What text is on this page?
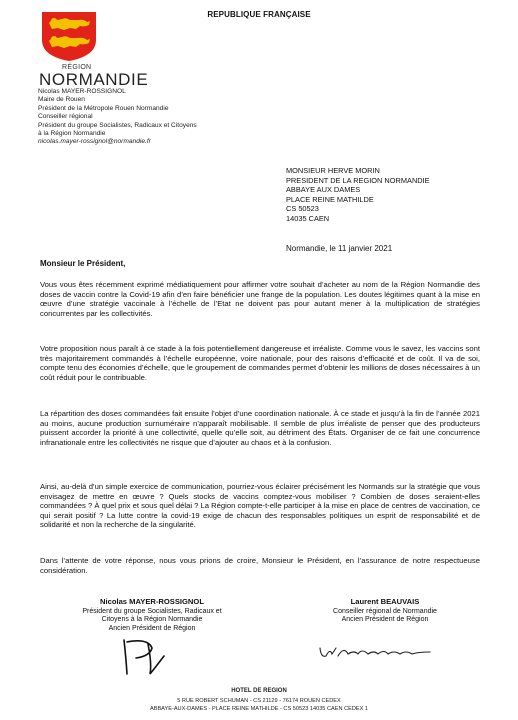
REPUBLIQUE FRANÇAISE
RÉGION
NORMANDIE
Nicolas MAYER-ROSSIGNOL
Maire de Rouen
Président de la Métropole Rouen Normandie
Conseiller régional
Président du groupe Socialistes, Radicaux et Citoyens
à la Région Normandie
nicolas.mayer-rossignol@normandie.fr
MONSIEUR HERVE MORIN
PRESIDENT DE LA REGION NORMANDIE
ABBAYE AUX DAMES
PLACE REINE MATHILDE
CS 50523
14035 CAEN
Normandie, le 11 janvier 2021
Monsieur le Président,

Vous vous êtes récemment exprimé médiatiquement pour affirmer votre souhait d’acheter au nom de la Région Normandie des doses de vaccin contre la Covid-19 afin d’en faire bénéficier une frange de la population. Les doutes légitimes quant à la mise en œuvre d’une stratégie vaccinale à l’échelle de l’Etat ne doivent pas pour autant mener à la multiplication de stratégies concurrentes par les collectivités.

Votre proposition nous paraît à ce stade à la fois potentiellement dangereuse et irréaliste. Comme vous le savez, les vaccins sont très majoritairement commandés à l’échelle européenne, voire nationale, pour des raisons d’efficacité et de coût. Il va de soi, compte tenu des économies d’échelle, que le groupement de commandes permet d’obtenir les millions de doses nécessaires à un coût réduit pour le contribuable.

La répartition des doses commandées fait ensuite l’objet d’une coordination nationale. À ce stade et jusqu’à la fin de l’année 2021 au moins, aucune production surnuméraire n’apparaît mobilisable. Il semble de plus irréaliste de penser que des producteurs puissent accorder la priorité à une collectivité, quelle qu’elle soit, au détriment des États. Organiser de ce fait une concurrence infranationale entre les collectivités ne risque que d’ajouter au chaos et à la confusion.

Ainsi, au-delà d’un simple exercice de communication, pourriez-vous éclairer précisément les Normands sur la stratégie que vous envisagez de mettre en œuvre ? Quels stocks de vaccins comptez-vous mobiliser ? Combien de doses seraient-elles commandées ? À quel prix et sous quel délai ? La Région compte-t-elle participer à la mise en place de centres de vaccination, ce qui serait positif ? La lutte contre la covid-19 exige de chacun des responsables politiques un esprit de responsabilité et de solidarité et non la recherche de la singularité.

Dans l’attente de votre réponse, nous vous prions de croire, Monsieur le Président, en l’assurance de notre respectueuse considération.

Nicolas MAYER-ROSSIGNOL
Président du groupe Socialistes, Radicaux et
Citoyens à la Région Normandie
Ancien Président de Région
Laurent BEAUVAIS
Conseiller régional de Normandie
Ancien Président de Région
HOTEL DE REGION
5 RUE ROBERT SCHUMAN - CS 21129 - 76174 ROUEN CEDEX
ABBAYE-AUX-DAMES - PLACE REINE MATHILDE - CS 50523 14035 CAEN CEDEX 1
